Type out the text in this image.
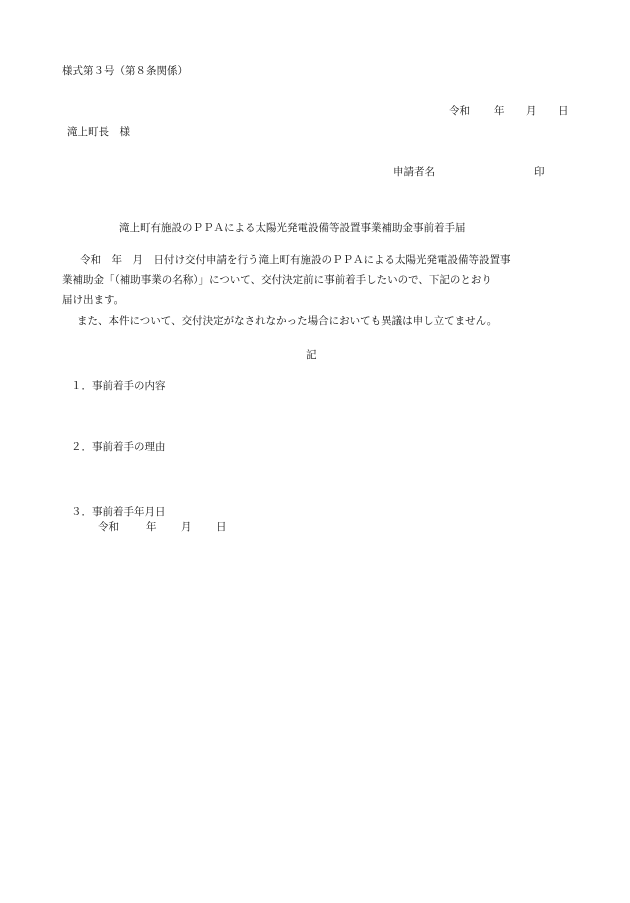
様式第３号（第８条関係）
令和 年 月 日
滝上町長　様
申請者名	印
滝上町有施設のＰＰＡによる太陽光発電設備等設置事業補助金事前着手届
令和　年　月　日付け交付申請を行う滝上町有施設のＰＰＡによる太陽光発電設備等設置事
業補助金「（補助事業の名称）」について、交付決定前に事前着手したいので、下記のとおり
届け出ます。
また、本件について、交付決定がなされなかった場合においても異議は申し立てません。
記
１．事前着手の内容
２．事前着手の理由
３．事前着手年月日
令和	年 月 日
